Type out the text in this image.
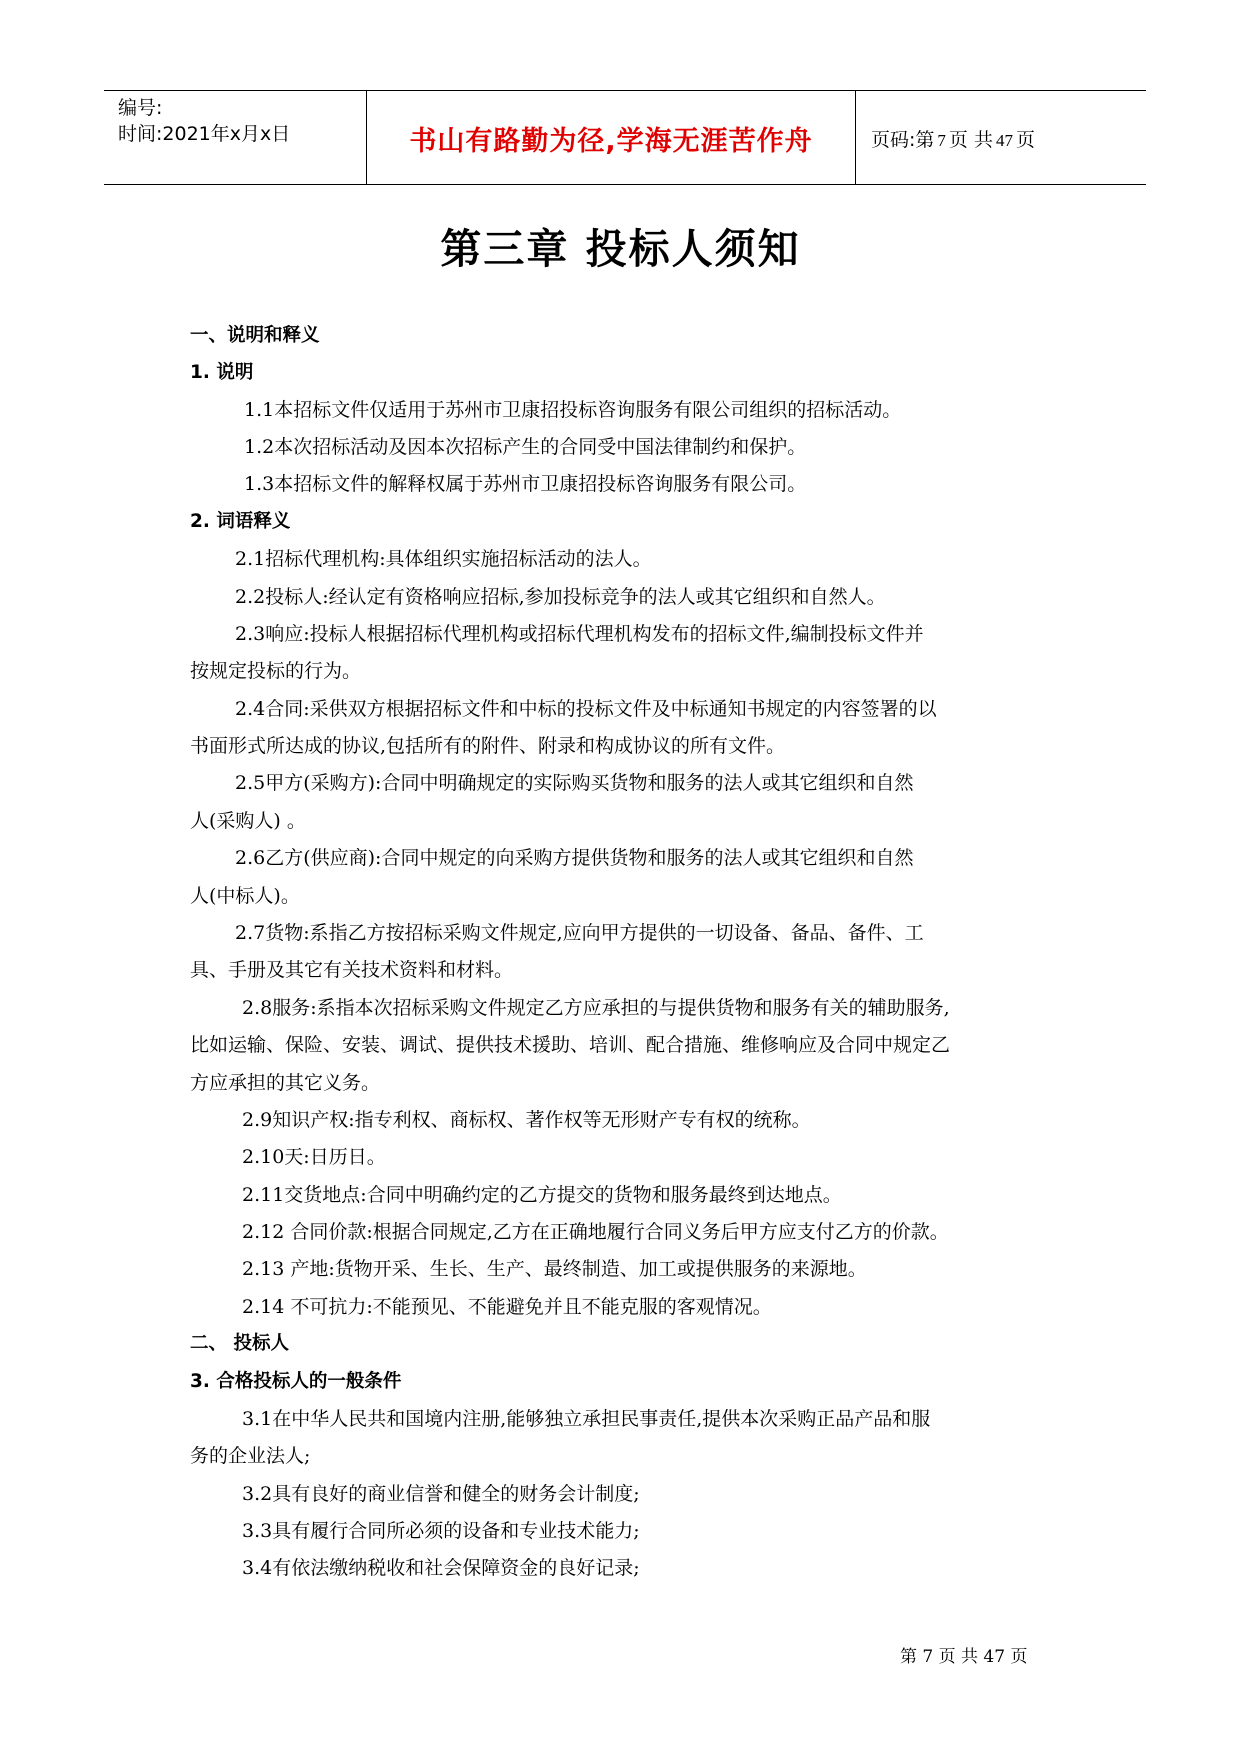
编号:
时间:2021年x月x日	书山有路勤为径,学海无涯苦作舟	页码:第 7 页 共 47 页
第三章 投标人须知
一、说明和释义
1. 说明
1.1本招标文件仅适用于苏州市卫康招投标咨询服务有限公司组织的招标活动。
1.2本次招标活动及因本次招标产生的合同受中国法律制约和保护。
1.3本招标文件的解释权属于苏州市卫康招投标咨询服务有限公司。
2. 词语释义
2.1招标代理机构:具体组织实施招标活动的法人。
2.2投标人:经认定有资格响应招标,参加投标竞争的法人或其它组织和自然人。
2.3响应:投标人根据招标代理机构或招标代理机构发布的招标文件,编制投标文件并
按规定投标的行为。
2.4合同:采供双方根据招标文件和中标的投标文件及中标通知书规定的内容签署的以
书面形式所达成的协议,包括所有的附件、附录和构成协议的所有文件。
2.5甲方(采购方):合同中明确规定的实际购买货物和服务的法人或其它组织和自然
人(采购人) 。
2.6乙方(供应商):合同中规定的向采购方提供货物和服务的法人或其它组织和自然
人(中标人)。
2.7货物:系指乙方按招标采购文件规定,应向甲方提供的一切设备、备品、备件、工
具、手册及其它有关技术资料和材料。
2.8服务:系指本次招标采购文件规定乙方应承担的与提供货物和服务有关的辅助服务,
比如运输、保险、安装、调试、提供技术援助、培训、配合措施、维修响应及合同中规定乙
方应承担的其它义务。
2.9知识产权:指专利权、商标权、著作权等无形财产专有权的统称。
2.10天:日历日。
2.11交货地点:合同中明确约定的乙方提交的货物和服务最终到达地点。
2.12 合同价款:根据合同规定,乙方在正确地履行合同义务后甲方应支付乙方的价款。
2.13 产地:货物开采、生长、生产、最终制造、加工或提供服务的来源地。
2.14 不可抗力:不能预见、不能避免并且不能克服的客观情况。
二、 投标人
3. 合格投标人的一般条件
3.1在中华人民共和国境内注册,能够独立承担民事责任,提供本次采购正品产品和服
务的企业法人;
3.2具有良好的商业信誉和健全的财务会计制度;
3.3具有履行合同所必须的设备和专业技术能力;
3.4有依法缴纳税收和社会保障资金的良好记录;
第 7 页 共 47 页
